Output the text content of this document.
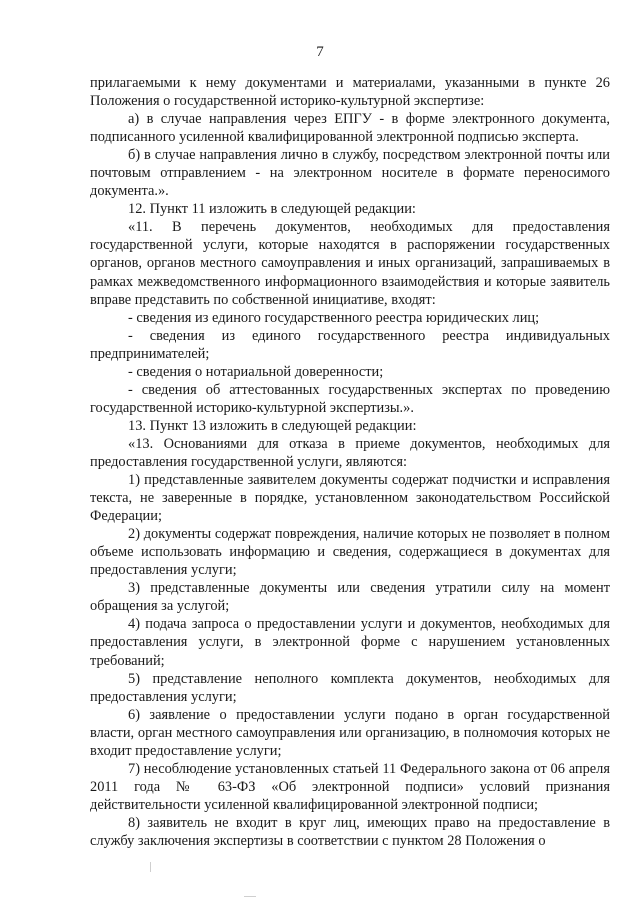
7

прилагаемыми к нему документами и материалами, указанными в пункте 26 Положения о государственной историко-культурной экспертизе:

а) в случае направления через ЕПГУ - в форме электронного документа, подписанного усиленной квалифицированной электронной подписью эксперта.

б) в случае направления лично в службу, посредством электронной почты или почтовым отправлением - на электронном носителе в формате переносимого документа.».

12. Пункт 11 изложить в следующей редакции:

«11. В перечень документов, необходимых для предоставления государственной услуги, которые находятся в распоряжении государственных органов, органов местного самоуправления и иных организаций, запрашиваемых в рамках межведомственного информационного взаимодействия и которые заявитель вправе представить по собственной инициативе, входят:

- сведения из единого государственного реестра юридических лиц;

- сведения из единого государственного реестра индивидуальных предпринимателей;

- сведения о нотариальной доверенности;

- сведения об аттестованных государственных экспертах по проведению государственной историко-культурной экспертизы.».

13. Пункт 13 изложить в следующей редакции:

«13. Основаниями для отказа в приеме документов, необходимых для предоставления государственной услуги, являются:

1) представленные заявителем документы содержат подчистки и исправления текста, не заверенные в порядке, установленном законодательством Российской Федерации;

2) документы содержат повреждения, наличие которых не позволяет в полном объеме использовать информацию и сведения, содержащиеся в документах для предоставления услуги;

3) представленные документы или сведения утратили силу на момент обращения за услугой;

4) подача запроса о предоставлении услуги и документов, необходимых для предоставления услуги, в электронной форме с нарушением установленных требований;

5) представление неполного комплекта документов, необходимых для предоставления услуги;

6) заявление о предоставлении услуги подано в орган государственной власти, орган местного самоуправления или организацию, в полномочия которых не входит предоставление услуги;

7) несоблюдение установленных статьей 11 Федерального закона от 06 апреля 2011 года № 63-ФЗ «Об электронной подписи» условий признания действительности усиленной квалифицированной электронной подписи;

8) заявитель не входит в круг лиц, имеющих право на предоставление в службу заключения экспертизы в соответствии с пунктом 28 Положения о
